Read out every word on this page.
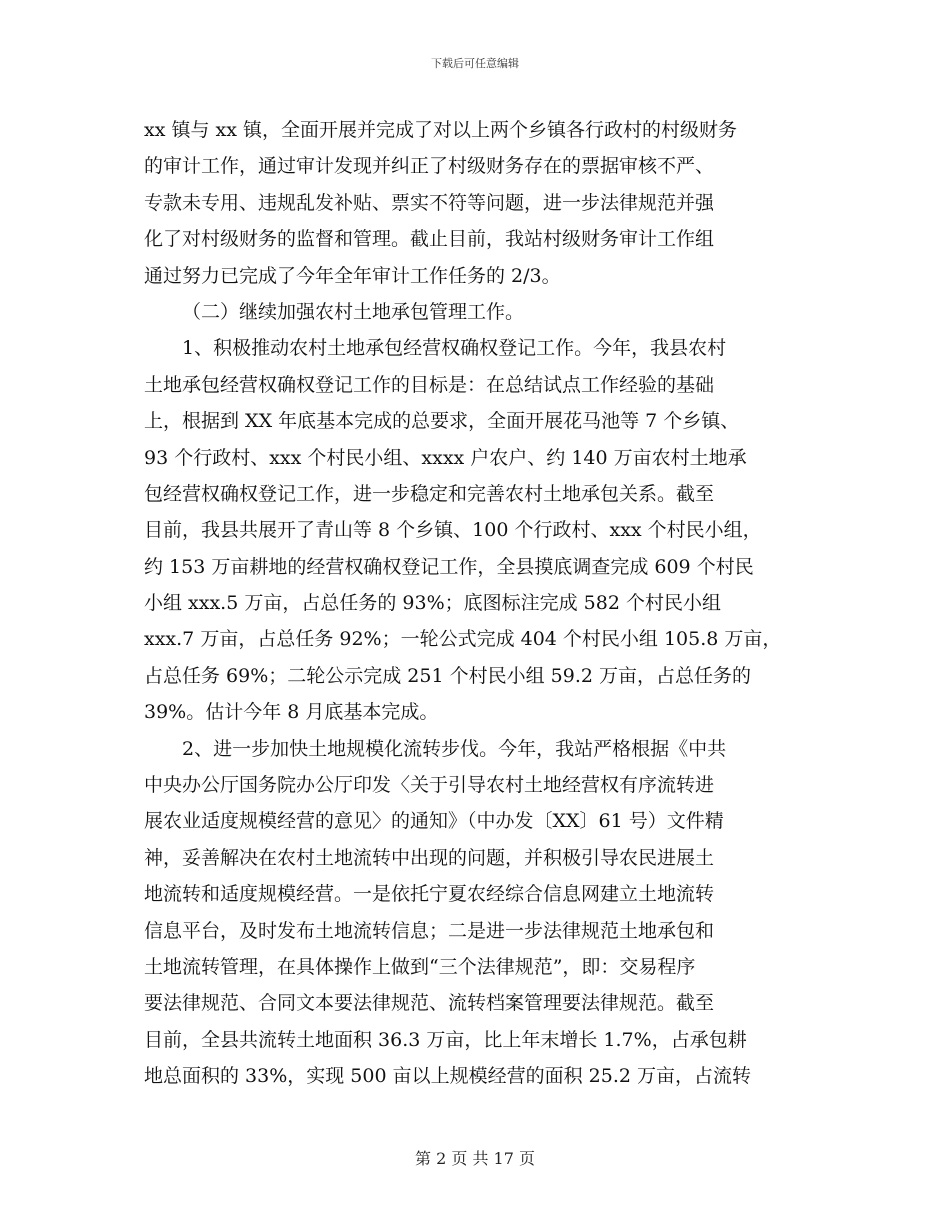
下载后可任意编辑
xx 镇与 xx 镇，全面开展并完成了对以上两个乡镇各行政村的村级财务
的审计工作，通过审计发现并纠正了村级财务存在的票据审核不严、
专款未专用、违规乱发补贴、票实不符等问题，进一步法律规范并强
化了对村级财务的监督和管理。截止目前，我站村级财务审计工作组
通过努力已完成了今年全年审计工作任务的 2/3。
（二）继续加强农村土地承包管理工作。
1、积极推动农村土地承包经营权确权登记工作。今年，我县农村
土地承包经营权确权登记工作的目标是：在总结试点工作经验的基础
上，根据到 XX 年底基本完成的总要求，全面开展花马池等 7 个乡镇、
93 个行政村、xxx 个村民小组、xxxx 户农户、约 140 万亩农村土地承
包经营权确权登记工作，进一步稳定和完善农村土地承包关系。截至
目前，我县共展开了青山等 8 个乡镇、100 个行政村、xxx 个村民小组，
约 153 万亩耕地的经营权确权登记工作，全县摸底调查完成 609 个村民
小组 xxx.5 万亩，占总任务的 93%；底图标注完成 582 个村民小组
xxx.7 万亩，占总任务 92%；一轮公式完成 404 个村民小组 105.8 万亩，
占总任务 69%；二轮公示完成 251 个村民小组 59.2 万亩，占总任务的
39%。估计今年 8 月底基本完成。
2、进一步加快土地规模化流转步伐。今年，我站严格根据《中共
中央办公厅国务院办公厅印发〈关于引导农村土地经营权有序流转进
展农业适度规模经营的意见〉的通知》（中办发〔XX〕61 号）文件精
神，妥善解决在农村土地流转中出现的问题，并积极引导农民进展土
地流转和适度规模经营。一是依托宁夏农经综合信息网建立土地流转
信息平台，及时发布土地流转信息；二是进一步法律规范土地承包和
土地流转管理，在具体操作上做到“三个法律规范”，即：交易程序
要法律规范、合同文本要法律规范、流转档案管理要法律规范。截至
目前，全县共流转土地面积 36.3 万亩，比上年末增长 1.7%，占承包耕
地总面积的 33%，实现 500 亩以上规模经营的面积 25.2 万亩，占流转
第 2 页 共 17 页
